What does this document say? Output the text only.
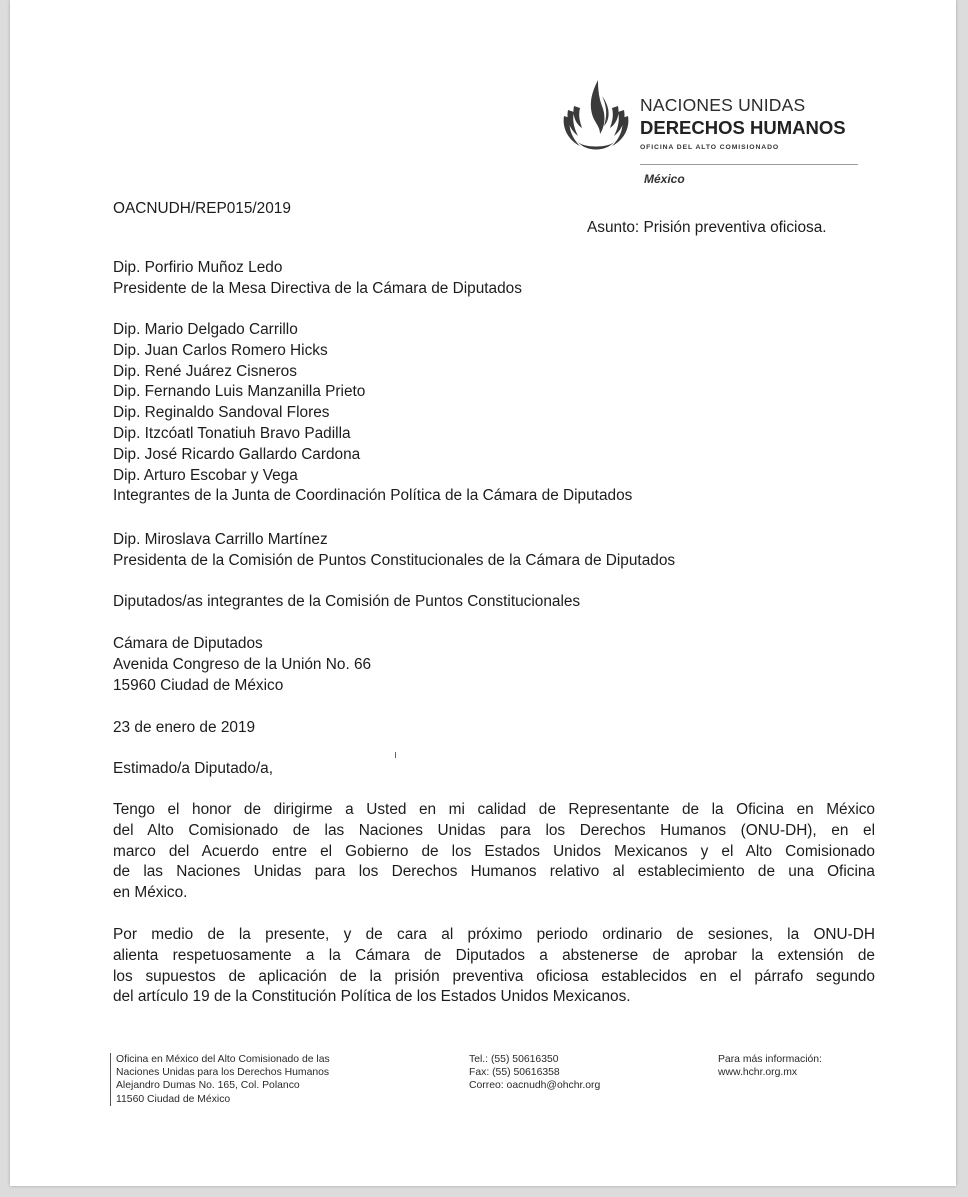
NACIONES UNIDAS
DERECHOS HUMANOS
OFICINA DEL ALTO COMISIONADO
México
OACNUDH/REP015/2019
Asunto: Prisión preventiva oficiosa.
Dip. Porfirio Muñoz Ledo
Presidente de la Mesa Directiva de la Cámara de Diputados
Dip. Mario Delgado Carrillo
Dip. Juan Carlos Romero Hicks
Dip. René Juárez Cisneros
Dip. Fernando Luis Manzanilla Prieto
Dip. Reginaldo Sandoval Flores
Dip. Itzcóatl Tonatiuh Bravo Padilla
Dip. José Ricardo Gallardo Cardona
Dip. Arturo Escobar y Vega
Integrantes de la Junta de Coordinación Política de la Cámara de Diputados
Dip. Miroslava Carrillo Martínez
Presidenta de la Comisión de Puntos Constitucionales de la Cámara de Diputados
Diputados/as integrantes de la Comisión de Puntos Constitucionales
Cámara de Diputados
Avenida Congreso de la Unión No. 66
15960 Ciudad de México
23 de enero de 2019
Estimado/a Diputado/a,
Tengo el honor de dirigirme a Usted en mi calidad de Representante de la Oficina en México
del Alto Comisionado de las Naciones Unidas para los Derechos Humanos (ONU-DH), en el
marco del Acuerdo entre el Gobierno de los Estados Unidos Mexicanos y el Alto Comisionado
de las Naciones Unidas para los Derechos Humanos relativo al establecimiento de una Oficina
en México.
Por medio de la presente, y de cara al próximo periodo ordinario de sesiones, la ONU-DH
alienta respetuosamente a la Cámara de Diputados a abstenerse de aprobar la extensión de
los supuestos de aplicación de la prisión preventiva oficiosa establecidos en el párrafo segundo
del artículo 19 de la Constitución Política de los Estados Unidos Mexicanos.
Oficina en México del Alto Comisionado de las
Naciones Unidas para los Derechos Humanos
Alejandro Dumas No. 165, Col. Polanco
11560 Ciudad de México
Tel.: (55) 50616350
Fax: (55) 50616358
Correo: oacnudh@ohchr.org
Para más información:
www.hchr.org.mx
